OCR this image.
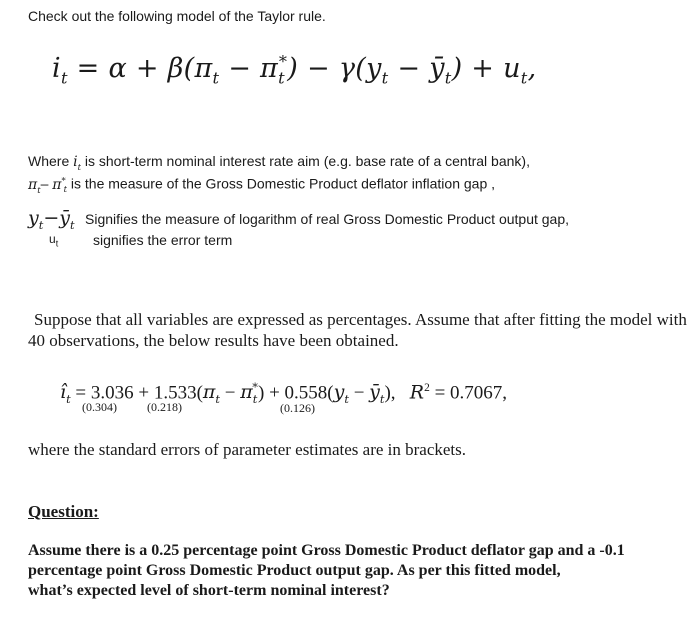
Check out the following model of the Taylor rule.
$i_t = \alpha + \beta(\pi_t - \pi_t^*) - \gamma(y_t$ − $ȳ_t) + u_t$,
Where $i_t$ is short-term nominal interest rate aim (e.g. base rate of a central bank),
$\pi_t-$ $\pi^*_t$ is the measure of the Gross Domestic Product deflator inflation gap ,
$y_t-ȳ_t$ Signifies the measure of logarithm of real Gross Domestic Product output gap,
$u_t$ signifies the error term
Suppose that all variables are expressed as percentages. Assume that after fitting the model with
40 observations, the below results have been obtained.
$î_t = 3.036 + 1.533(\pi_t - \pi_t^*) + 0.558(y_t$ − $ȳ_t$),   $R^2 = 0.7067$,
(0.304)	(0.218)	(0.126)
where the standard errors of parameter estimates are in brackets.
Question:
Assume there is a 0.25 percentage point Gross Domestic Product deflator gap and a -0.1
percentage point Gross Domestic Product output gap. As per this fitted model,
what’s expected level of short-term nominal interest?
